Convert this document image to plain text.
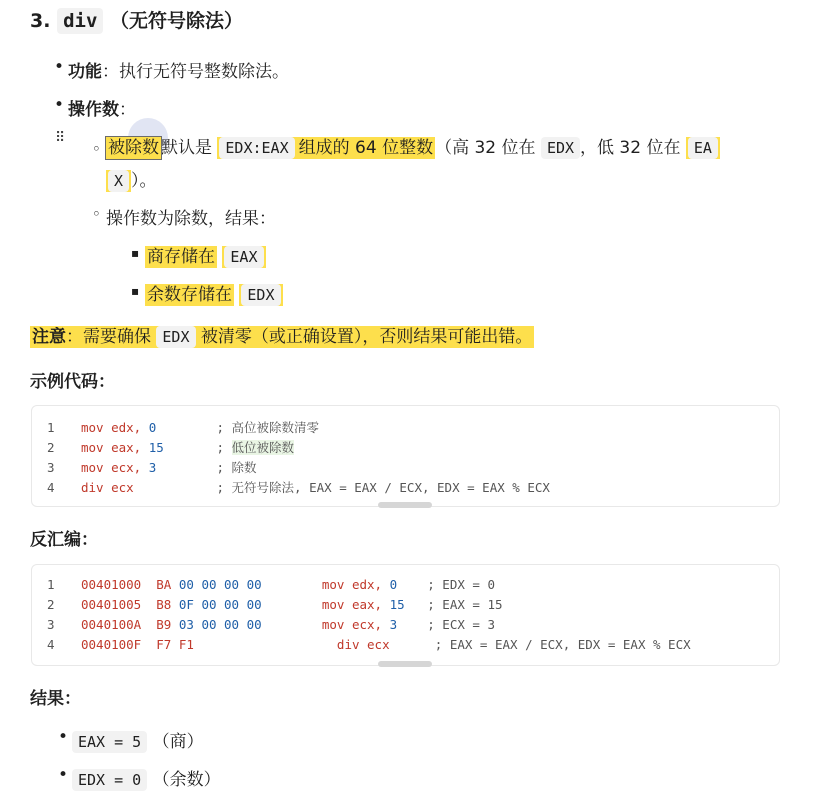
3. div （无符号除法）
• 功能：执行无符号整数除法。
• 操作数：
⠿
◦	被除数 默认是 EDX:EAX 组成的 64 位整数 （高 32 位在 EDX ，低 32 位在 EA
X ）。
◦ 操作数为除数，结果：
▪ 商存储在 EAX
▪ 余数存储在 EDX
注意：需要确保 EDX 被清零（或正确设置），否则结果可能出错。
示例代码：
1 mov edx, 0	; 高位被除数清零
2 mov eax, 15	; 低位被除数
3 mov ecx, 3	; 除数
4 div ecx	; 无符号除法, EAX = EAX / ECX, EDX = EAX % ECX
反汇编：
1 00401000 BA 00 00 00 00	mov edx, 0 ; EDX = 0
2 00401005 B8 0F 00 00 00	mov eax, 15 ; EAX = 15
3 0040100A B9 03 00 00 00	mov ecx, 3 ; ECX = 3
4 0040100F F7 F1	div ecx	; EAX = EAX / ECX, EDX = EAX % ECX
结果：
• EAX = 5 （商）
• EDX = 0 （余数）
